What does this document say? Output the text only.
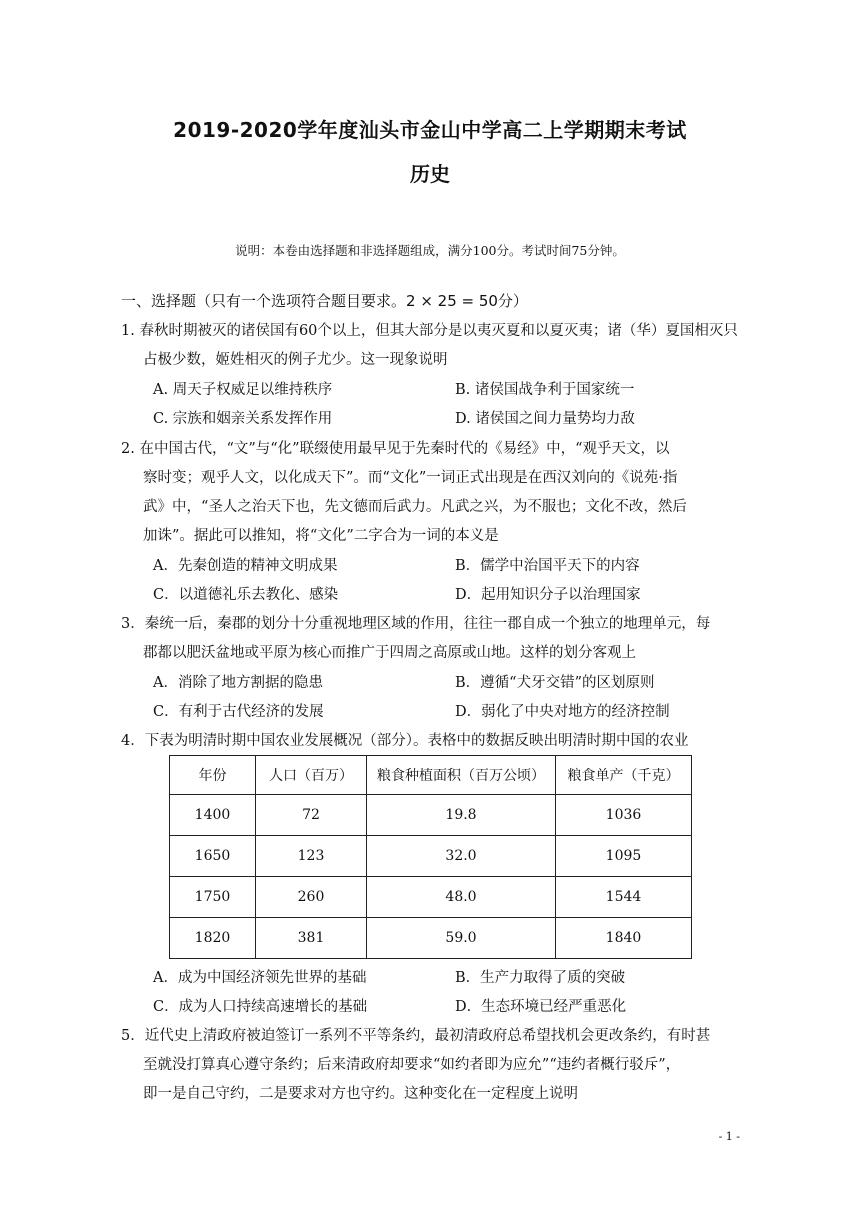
2019-2020学年度汕头市金山中学高二上学期期末考试
历史
说明：本卷由选择题和非选择题组成，满分100分。考试时间75分钟。
一、选择题（只有一个选项符合题目要求。2 × 25 = 50分）
1. 春秋时期被灭的诸侯国有60个以上，但其大部分是以夷灭夏和以夏灭夷；诸（华）夏国相灭只
占极少数，姬姓相灭的例子尤少。这一现象说明
A. 周天子权威足以维持秩序	B. 诸侯国战争利于国家统一
C. 宗族和姻亲关系发挥作用	D. 诸侯国之间力量势均力敌
2. 在中国古代，“文”与“化”联缀使用最早见于先秦时代的《易经》中，“观乎天文，以
察时变；观乎人文，以化成天下”。而“文化”一词正式出现是在西汉刘向的《说苑·指
武》中，“圣人之治天下也，先文德而后武力。凡武之兴，为不服也；文化不改，然后
加诛”。据此可以推知，将“文化”二字合为一词的本义是
A．先秦创造的精神文明成果	B．儒学中治国平天下的内容
C．以道德礼乐去教化、感染	D．起用知识分子以治理国家
3．秦统一后，秦郡的划分十分重视地理区域的作用，往往一郡自成一个独立的地理单元，每
郡都以肥沃盆地或平原为核心而推广于四周之高原或山地。这样的划分客观上
A．消除了地方割据的隐患	B．遵循“犬牙交错”的区划原则
C．有利于古代经济的发展	D．弱化了中央对地方的经济控制
4．下表为明清时期中国农业发展概况（部分）。表格中的数据反映出明清时期中国的农业
年份	人口（百万）	粮食种植面积（百万公顷）	粮食单产（千克）
1400	72	19.8	1036
1650	123	32.0	1095
1750	260	48.0	1544
1820	381	59.0	1840
A．成为中国经济领先世界的基础	B．生产力取得了质的突破
C．成为人口持续高速增长的基础	D．生态环境已经严重恶化
5．近代史上清政府被迫签订一系列不平等条约，最初清政府总希望找机会更改条约，有时甚
至就没打算真心遵守条约；后来清政府却要求“如约者即为应允”“违约者概行驳斥”，
即一是自己守约，二是要求对方也守约。这种变化在一定程度上说明
- 1 -
